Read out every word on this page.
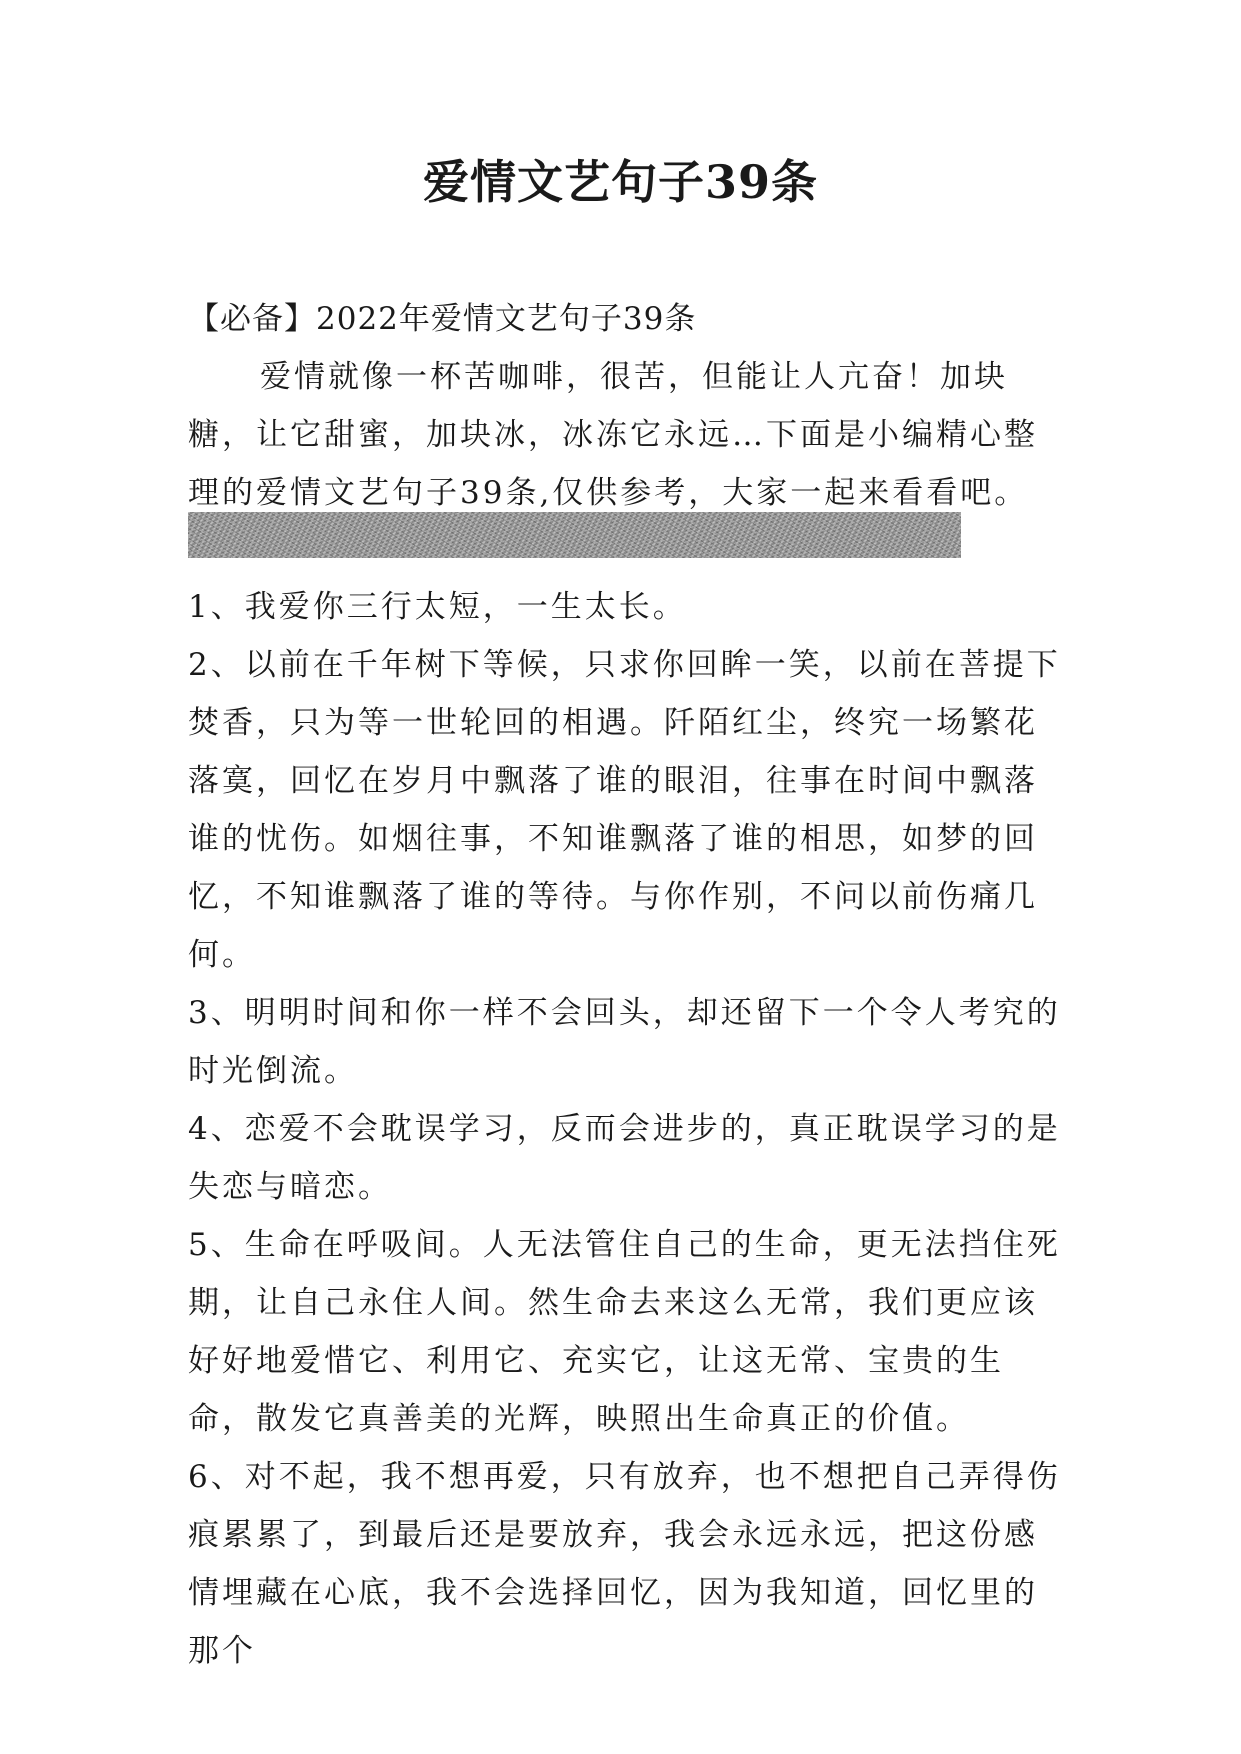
爱情文艺句子39条
【必备】2022年爱情文艺句子39条
爱情就像一杯苦咖啡，很苦，但能让人亢奋！加块糖，让它甜蜜，加块冰，冰冻它永远…下面是小编精心整理的爱情文艺句子39条,仅供参考，大家一起来看看吧。

1、我爱你三行太短，一生太长。

2、以前在千年树下等候，只求你回眸一笑，以前在菩提下焚香，只为等一世轮回的相遇。阡陌红尘，终究一场繁花落寞，回忆在岁月中飘落了谁的眼泪，往事在时间中飘落谁的忧伤。如烟往事，不知谁飘落了谁的相思，如梦的回忆，不知谁飘落了谁的等待。与你作别，不问以前伤痛几何。

3、明明时间和你一样不会回头，却还留下一个令人考究的时光倒流。

4、恋爱不会耽误学习，反而会进步的，真正耽误学习的是失恋与暗恋。

5、生命在呼吸间。人无法管住自己的生命，更无法挡住死期，让自己永住人间。然生命去来这么无常，我们更应该好好地爱惜它、利用它、充实它，让这无常、宝贵的生命，散发它真善美的光辉，映照出生命真正的价值。

6、对不起，我不想再爱，只有放弃，也不想把自己弄得伤痕累累了，到最后还是要放弃，我会永远永远，把这份感情埋藏在心底，我不会选择回忆，因为我知道，回忆里的那个
